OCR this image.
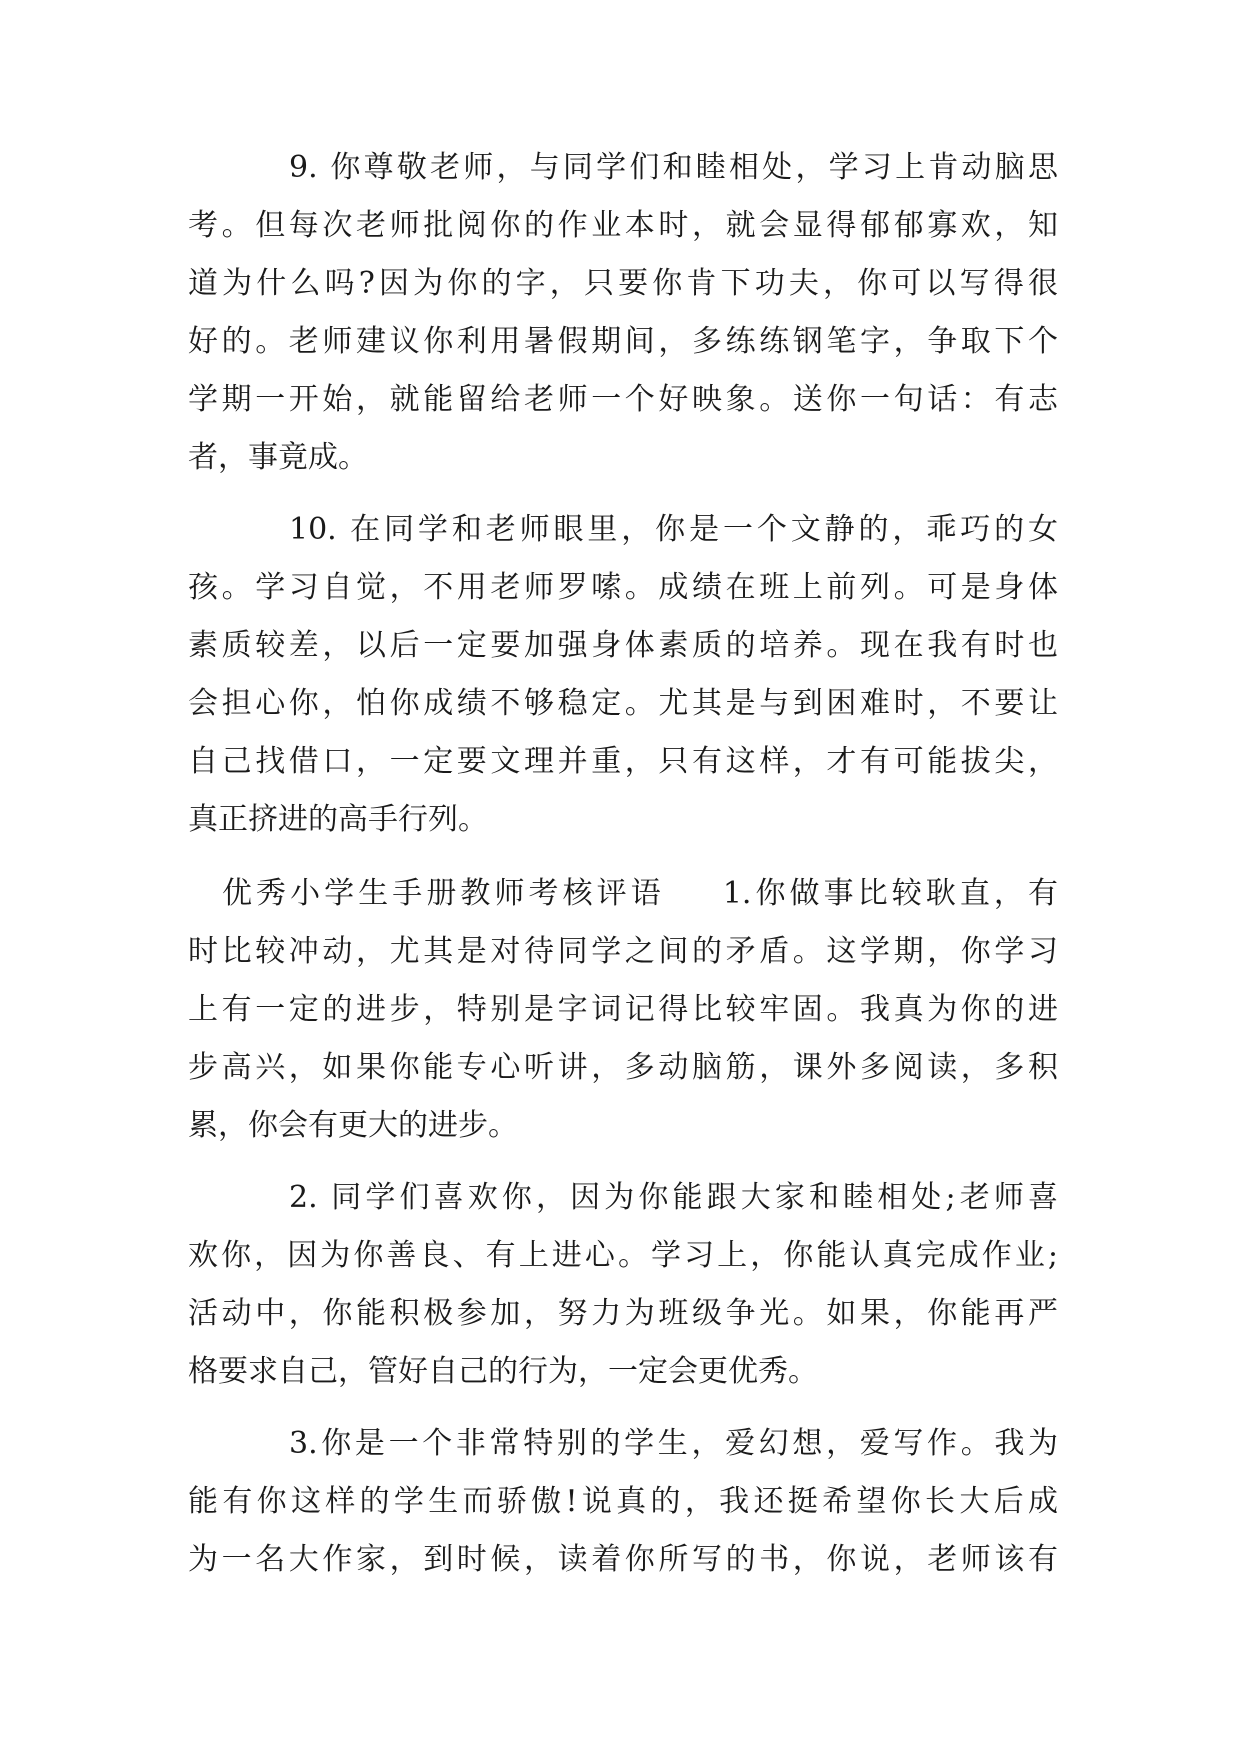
9. 你尊敬老师，与同学们和睦相处，学习上肯动脑思

考。但每次老师批阅你的作业本时，就会显得郁郁寡欢，知

道为什么吗?因为你的字，只要你肯下功夫，你可以写得很

好的。老师建议你利用暑假期间，多练练钢笔字，争取下个

学期一开始，就能留给老师一个好映象。送你一句话：有志

者，事竟成。

10. 在同学和老师眼里，你是一个文静的，乖巧的女

孩。学习自觉，不用老师罗嗦。成绩在班上前列。可是身体

素质较差，以后一定要加强身体素质的培养。现在我有时也

会担心你，怕你成绩不够稳定。尤其是与到困难时，不要让

自己找借口，一定要文理并重，只有这样，才有可能拔尖，

真正挤进的高手行列。

优秀小学生手册教师考核评语 1.你做事比较耿直，有

时比较冲动，尤其是对待同学之间的矛盾。这学期，你学习

上有一定的进步，特别是字词记得比较牢固。我真为你的进

步高兴，如果你能专心听讲，多动脑筋，课外多阅读，多积

累，你会有更大的进步。

2. 同学们喜欢你，因为你能跟大家和睦相处;老师喜

欢你，因为你善良、有上进心。学习上，你能认真完成作业;

活动中，你能积极参加，努力为班级争光。如果，你能再严

格要求自己，管好自己的行为，一定会更优秀。

3.你是一个非常特别的学生，爱幻想，爱写作。我为

能有你这样的学生而骄傲!说真的，我还挺希望你长大后成

为一名大作家，到时候，读着你所写的书，你说，老师该有
